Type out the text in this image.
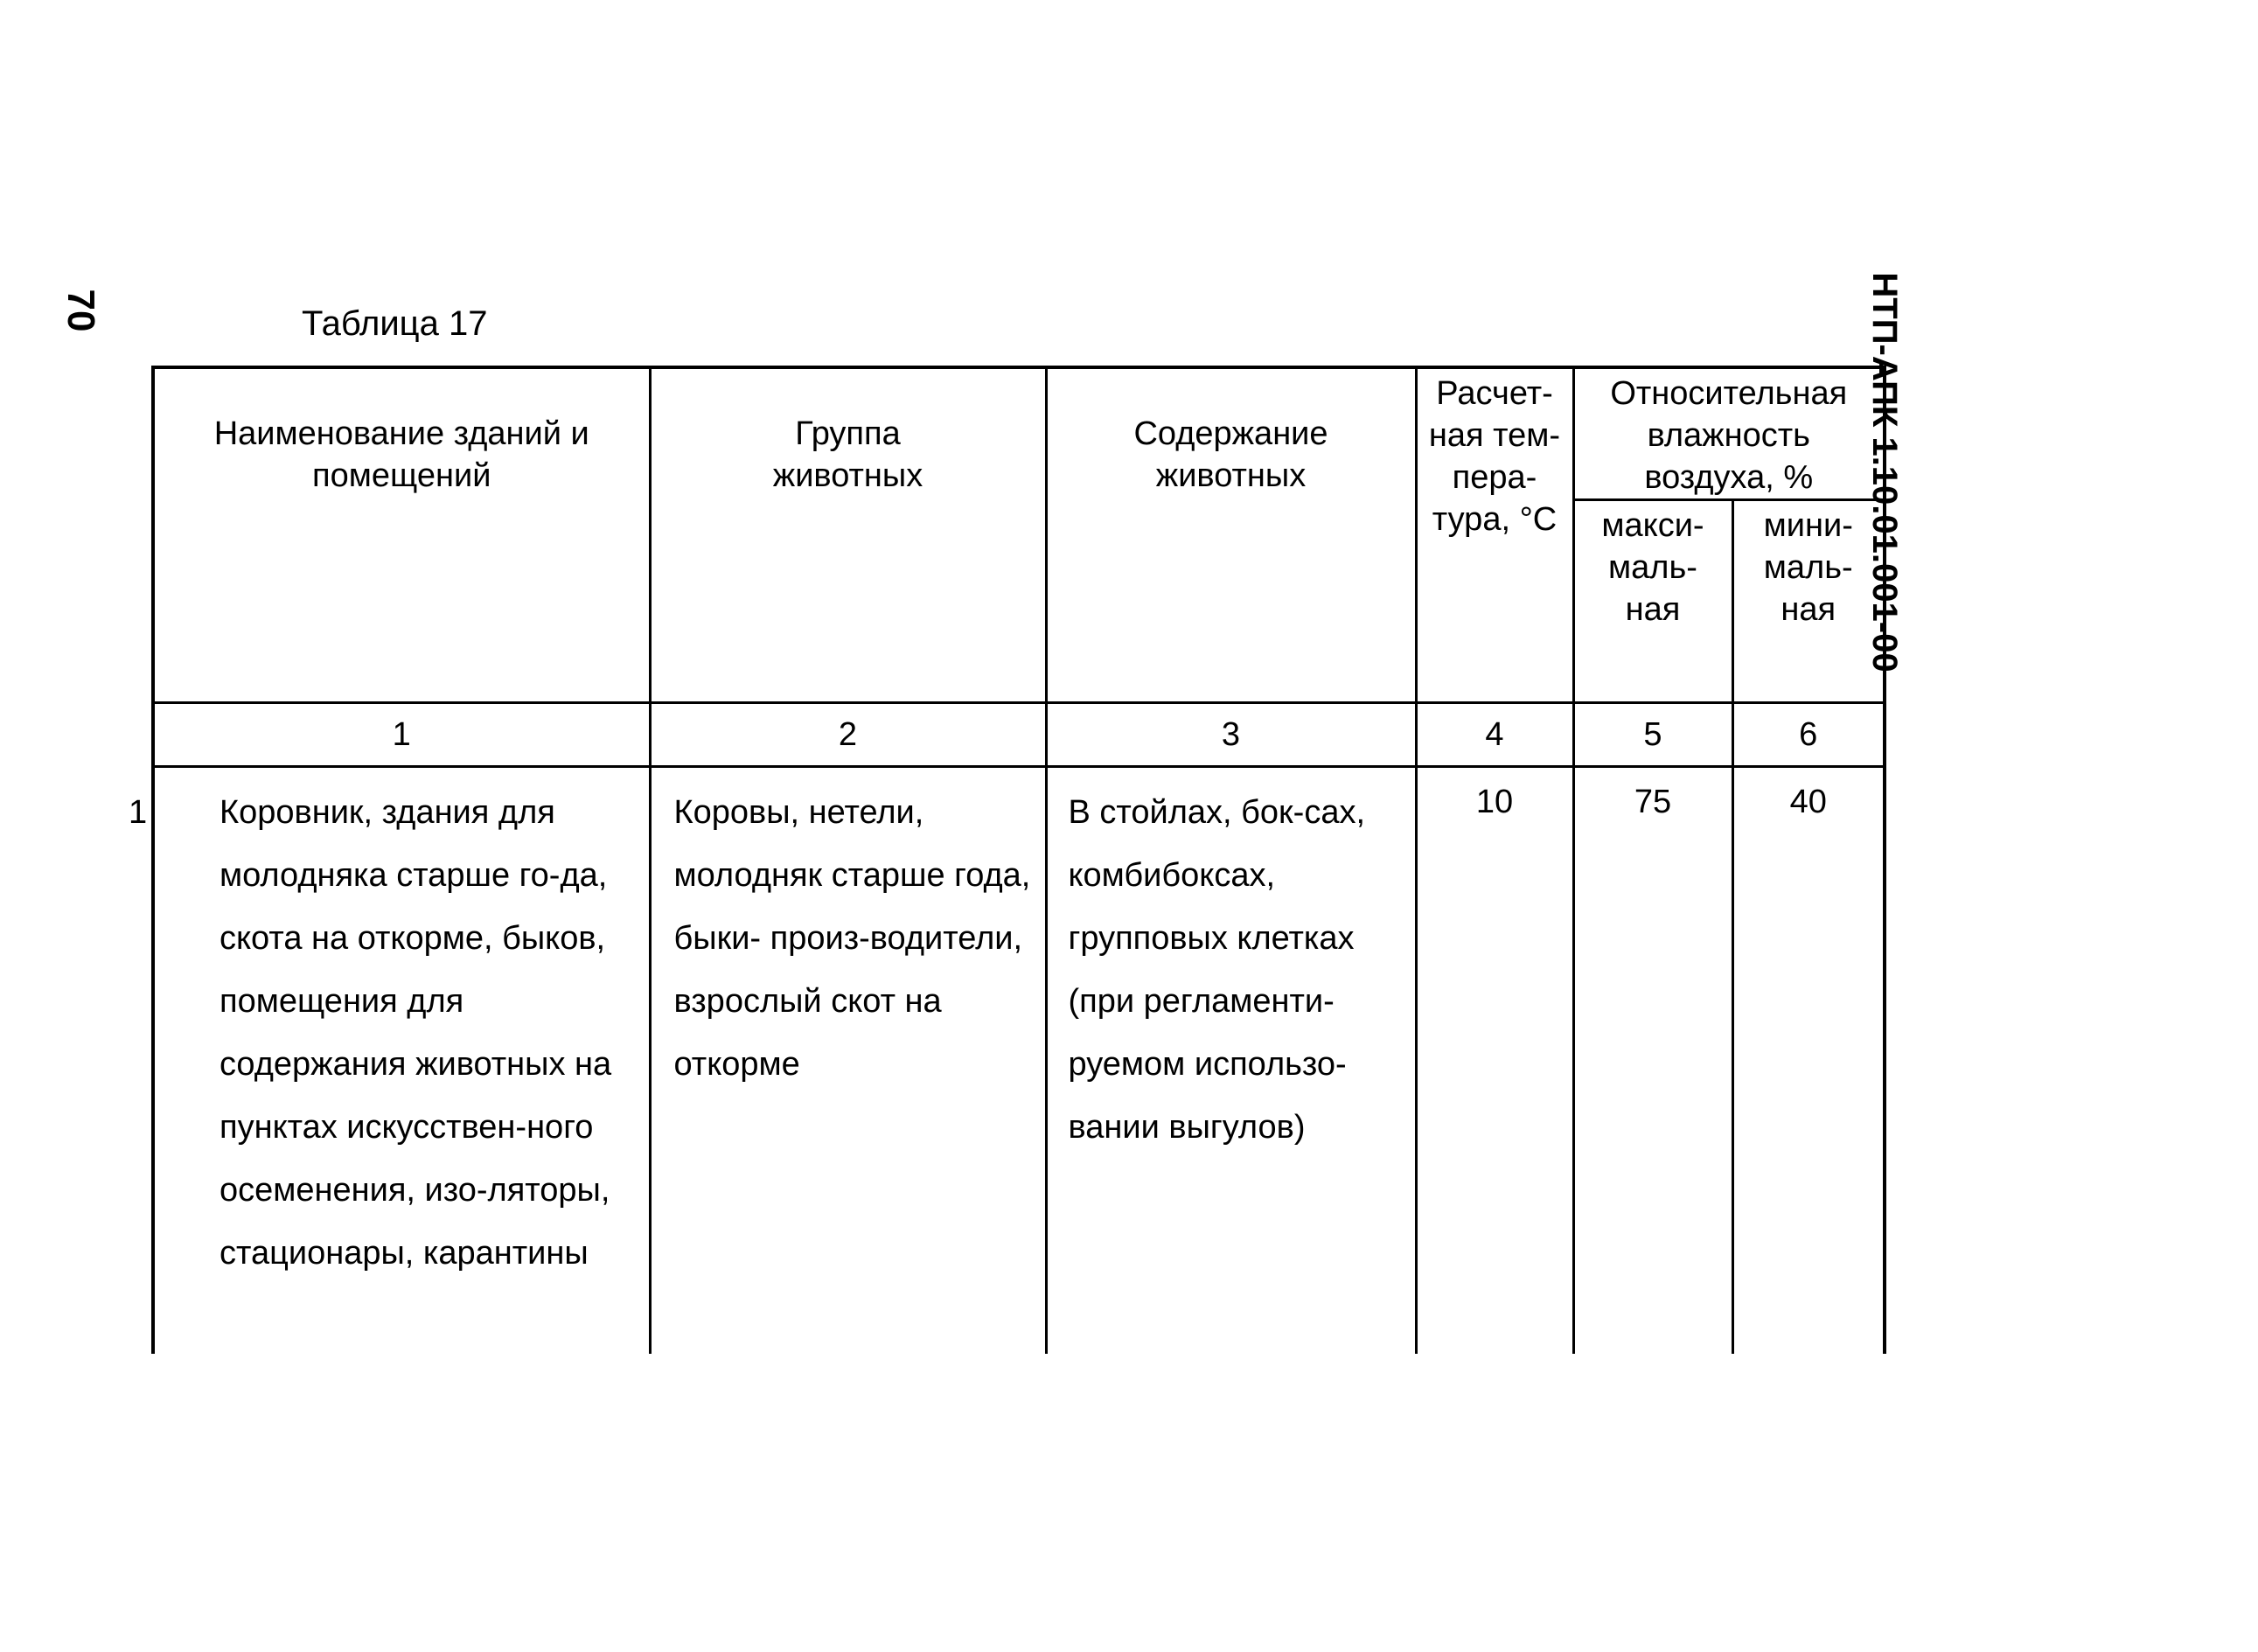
70	НТП-АПК 1.10.01.001-00
Таблица 17
Наименование зданий и помещений	Группа животных	Содержание животных	Расчет-ная тем-пера-тура, °С	Относительная влажность воздуха, %	

				макси-маль-ная	мини-маль-ная

1	2	3	4	5	6

1 Коровник, здания для молодняка старше го-да, скота на откорме, быков, помещения для содержания животных на пунктах искусствен-ного осеменения, изо-ляторы, стационары, карантины	Коровы, нетели, молодняк старше года, быки- произ-водители, взрослый скот на откорме	В стойлах, бок-сах, комбибоксах, групповых клетках (при регламенти-руемом использо-вании выгулов)	10	75	40
